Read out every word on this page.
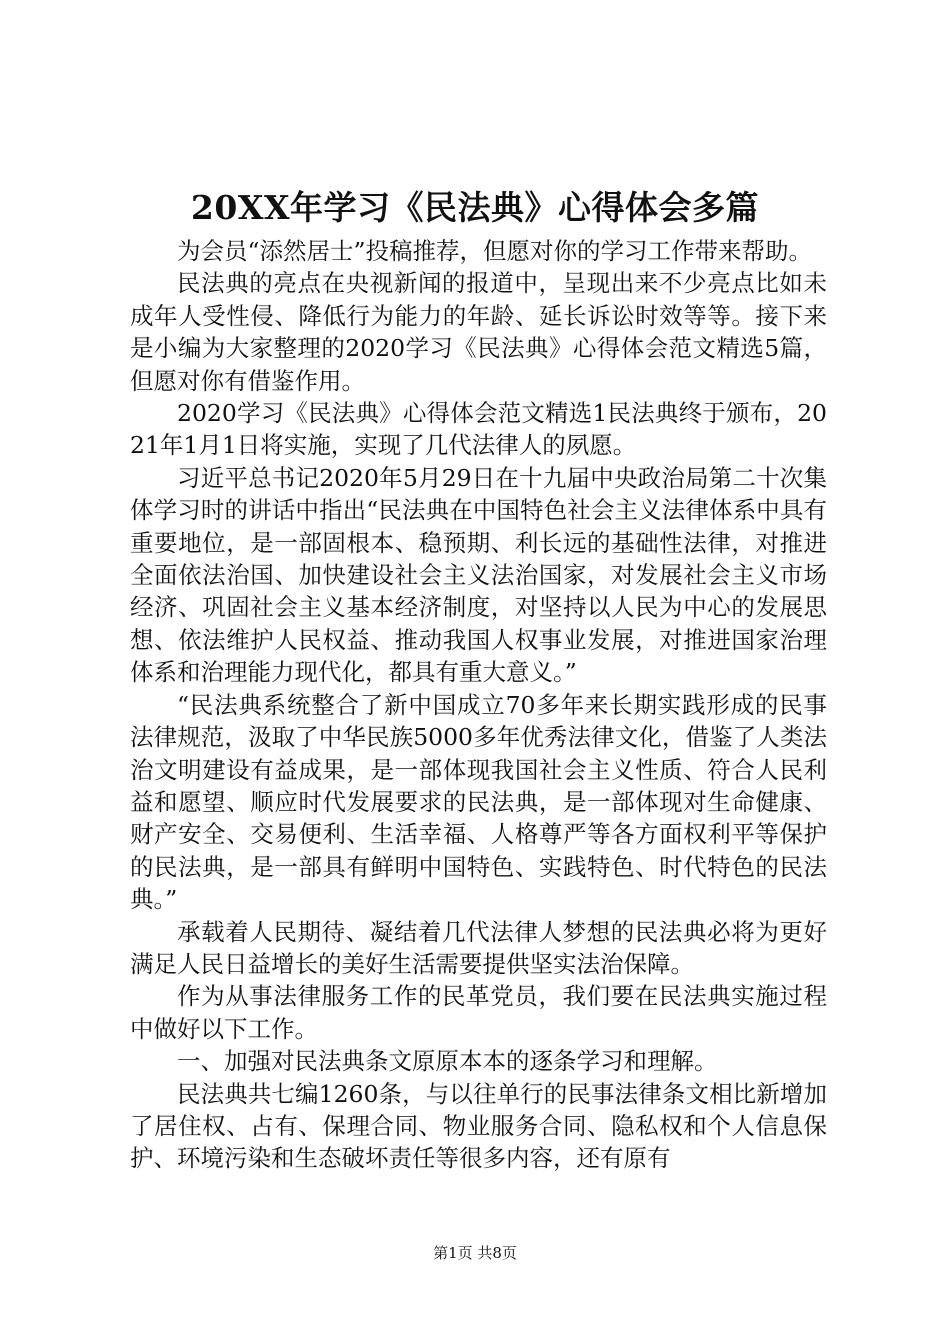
20XX年学习《民法典》心得体会多篇

为会员“添然居士”投稿推荐，但愿对你的学习工作带来帮助。

民法典的亮点在央视新闻的报道中，呈现出来不少亮点比如未成年人受性侵、降低行为能力的年龄、延长诉讼时效等等。接下来是小编为大家整理的2020学习《民法典》心得体会范文精选5篇，但愿对你有借鉴作用。

2020学习《民法典》心得体会范文精选1民法典终于颁布，2021年1月1日将实施，实现了几代法律人的夙愿。

习近平总书记2020年5月29日在十九届中央政治局第二十次集体学习时的讲话中指出“民法典在中国特色社会主义法律体系中具有重要地位，是一部固根本、稳预期、利长远的基础性法律，对推进全面依法治国、加快建设社会主义法治国家，对发展社会主义市场经济、巩固社会主义基本经济制度，对坚持以人民为中心的发展思想、依法维护人民权益、推动我国人权事业发展，对推进国家治理体系和治理能力现代化，都具有重大意义。”

“民法典系统整合了新中国成立70多年来长期实践形成的民事法律规范，汲取了中华民族5000多年优秀法律文化，借鉴了人类法治文明建设有益成果，是一部体现我国社会主义性质、符合人民利益和愿望、顺应时代发展要求的民法典，是一部体现对生命健康、财产安全、交易便利、生活幸福、人格尊严等各方面权利平等保护的民法典，是一部具有鲜明中国特色、实践特色、时代特色的民法典。”

承载着人民期待、凝结着几代法律人梦想的民法典必将为更好满足人民日益增长的美好生活需要提供坚实法治保障。

作为从事法律服务工作的民革党员，我们要在民法典实施过程中做好以下工作。

一、加强对民法典条文原原本本的逐条学习和理解。

民法典共七编1260条，与以往单行的民事法律条文相比新增加了居住权、占有、保理合同、物业服务合同、隐私权和个人信息保护、环境污染和生态破坏责任等很多内容，还有原有

第1页 共8页
